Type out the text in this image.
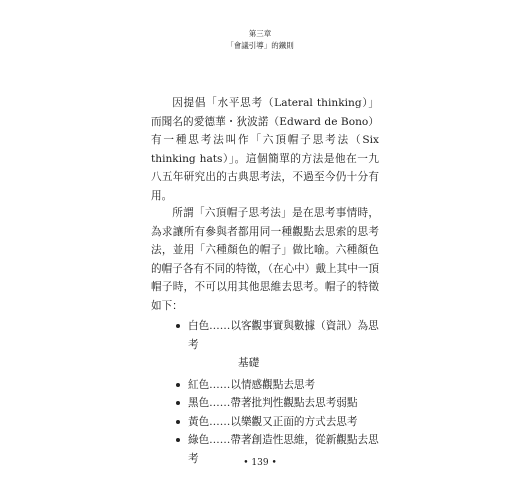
第三章
「會議引導」的鐵則

因提倡「水平思考（Lateral thinking）」而聞名的愛德華・狄波諾（Edward de Bono）有一種思考法叫作「六頂帽子思考法（Six thinking hats）」。這個簡單的方法是他在一九八五年研究出的古典思考法，不過至今仍十分有用。

所謂「六頂帽子思考法」是在思考事情時，為求讓所有參與者都用同一種觀點去思索的思考法，並用「六種顏色的帽子」做比喻。六種顏色的帽子各有不同的特徵，（在心中）戴上其中一頂帽子時，不可以用其他思維去思考。帽子的特徵如下：

白色……以客觀事實與數據（資訊）為思考
基礎
紅色……以情感觀點去思考
黑色……帶著批判性觀點去思考弱點
黃色……以樂觀又正面的方式去思考
綠色……帶著創造性思維，從新觀點去思考	• 139 •
